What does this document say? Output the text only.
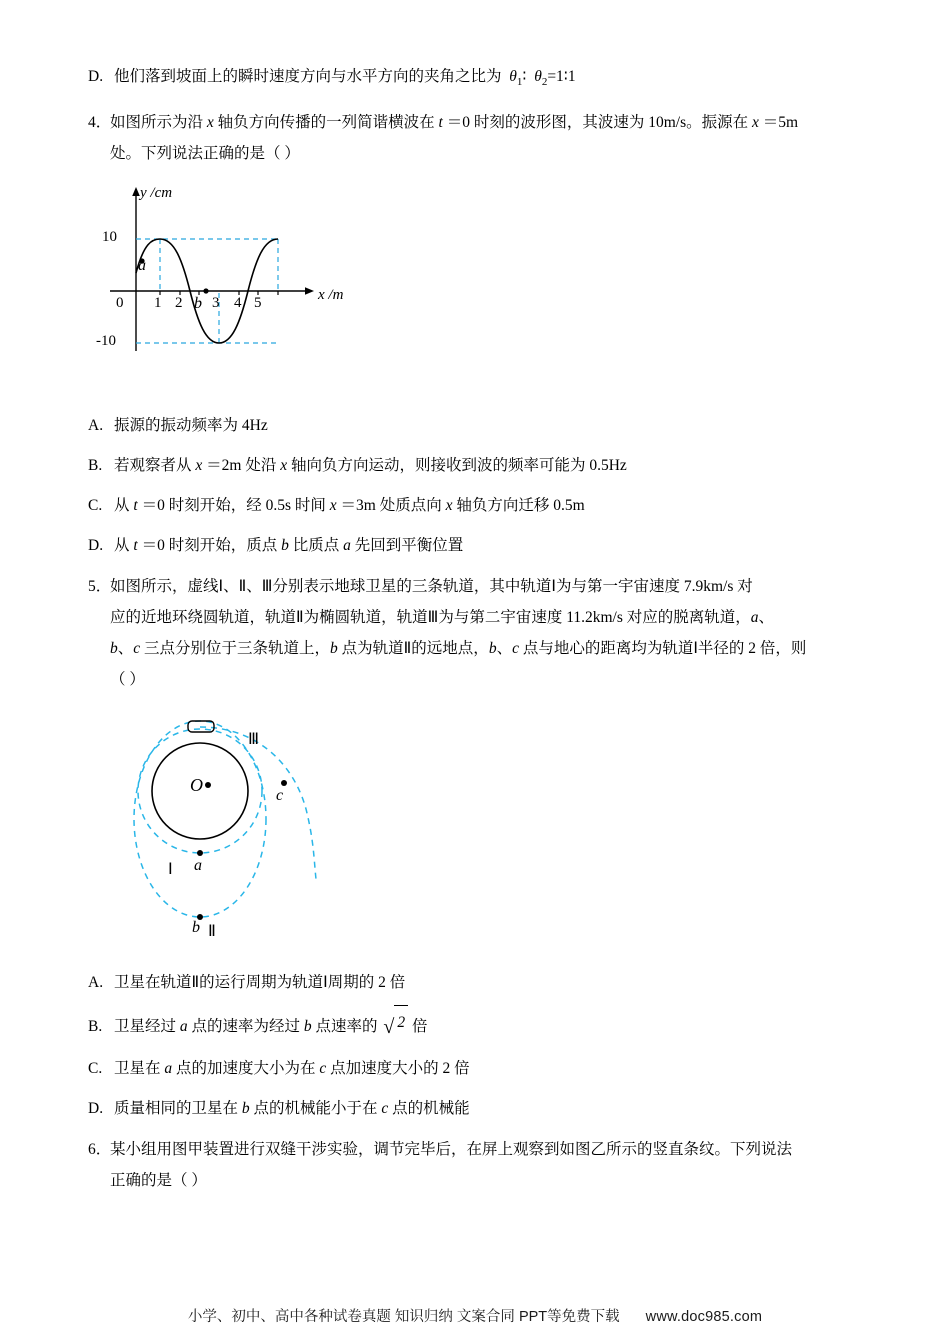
D. 他们落到坡面上的瞬时速度方向与水平方向的夹角之比为  $\theta_1∶$  $\theta_2=1∶1$
4．如图所示为沿 x 轴负方向传播的一列简谐横波在 t ＝0 时刻的波形图，其波速为 10m/s。振源在 x ＝5m
处。下列说法正确的是（ ）
y /cm
10
-10
0 1 2 3 4 5	x /m
a
b
A. 振源的振动频率为 4Hz
B. 若观察者从 x ＝2m 处沿 x 轴向负方向运动，则接收到波的频率可能为 0.5Hz
C. 从 t ＝0 时刻开始，经 0.5s 时间 x ＝3m 处质点向 x 轴负方向迁移 0.5m
D. 从 t ＝0 时刻开始，质点 b 比质点 a 先回到平衡位置
5．如图所示，虚线Ⅰ、Ⅱ、Ⅲ分别表示地球卫星的三条轨道，其中轨道Ⅰ为与第一宇宙速度 7.9km/s 对
应的近地环绕圆轨道，轨道Ⅱ为椭圆轨道，轨道Ⅲ为与第二宇宙速度 11.2km/s 对应的脱离轨道，a、
b、c 三点分别位于三条轨道上，b 点为轨道Ⅱ的远地点，b、c 点与地心的距离均为轨道Ⅰ半径的 2 倍，则
（ ）
O
Ⅰ
Ⅱ
Ⅲ
a
b
c
A. 卫星在轨道Ⅱ的运行周期为轨道Ⅰ周期的 2 倍
B. 卫星经过 a 点的速率为经过 b 点速率的 √ 2 倍
C. 卫星在 a 点的加速度大小为在 c 点加速度大小的 2 倍
D. 质量相同的卫星在 b 点的机械能小于在 c 点的机械能
6．某小组用图甲装置进行双缝干涉实验，调节完毕后，在屏上观察到如图乙所示的竖直条纹。下列说法
正确的是（ ）
小学、初中、高中各种试卷真题 知识归纳 文案合同 PPT等免费下载 www.doc985.com
